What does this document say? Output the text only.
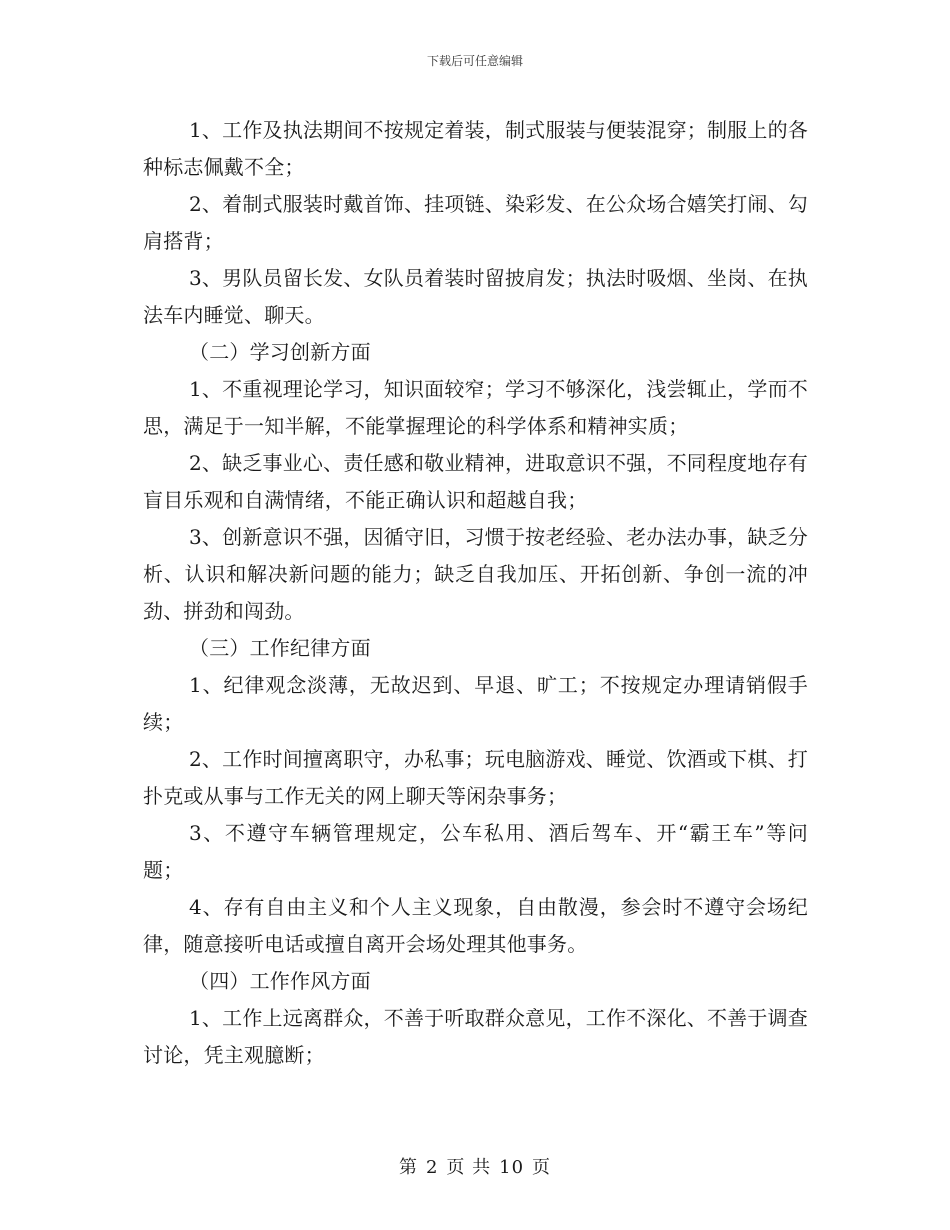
下载后可任意编辑

1、工作及执法期间不按规定着装，制式服装与便装混穿；制服上的各种标志佩戴不全；

2、着制式服装时戴首饰、挂项链、染彩发、在公众场合嬉笑打闹、勾肩搭背；

3、男队员留长发、女队员着装时留披肩发；执法时吸烟、坐岗、在执法车内睡觉、聊天。

（二）学习创新方面

1、不重视理论学习，知识面较窄；学习不够深化，浅尝辄止，学而不思，满足于一知半解，不能掌握理论的科学体系和精神实质；

2、缺乏事业心、责任感和敬业精神，进取意识不强，不同程度地存有盲目乐观和自满情绪，不能正确认识和超越自我；

3、创新意识不强，因循守旧，习惯于按老经验、老办法办事，缺乏分析、认识和解决新问题的能力；缺乏自我加压、开拓创新、争创一流的冲劲、拼劲和闯劲。

（三）工作纪律方面

1、纪律观念淡薄，无故迟到、早退、旷工；不按规定办理请销假手续；

2、工作时间擅离职守，办私事；玩电脑游戏、睡觉、饮酒或下棋、打扑克或从事与工作无关的网上聊天等闲杂事务；

3、不遵守车辆管理规定，公车私用、酒后驾车、开“霸王车”等问题；

4、存有自由主义和个人主义现象，自由散漫，参会时不遵守会场纪律，随意接听电话或擅自离开会场处理其他事务。

（四）工作作风方面

1、工作上远离群众，不善于听取群众意见，工作不深化、不善于调查讨论，凭主观臆断；

第 2 页 共 10 页
